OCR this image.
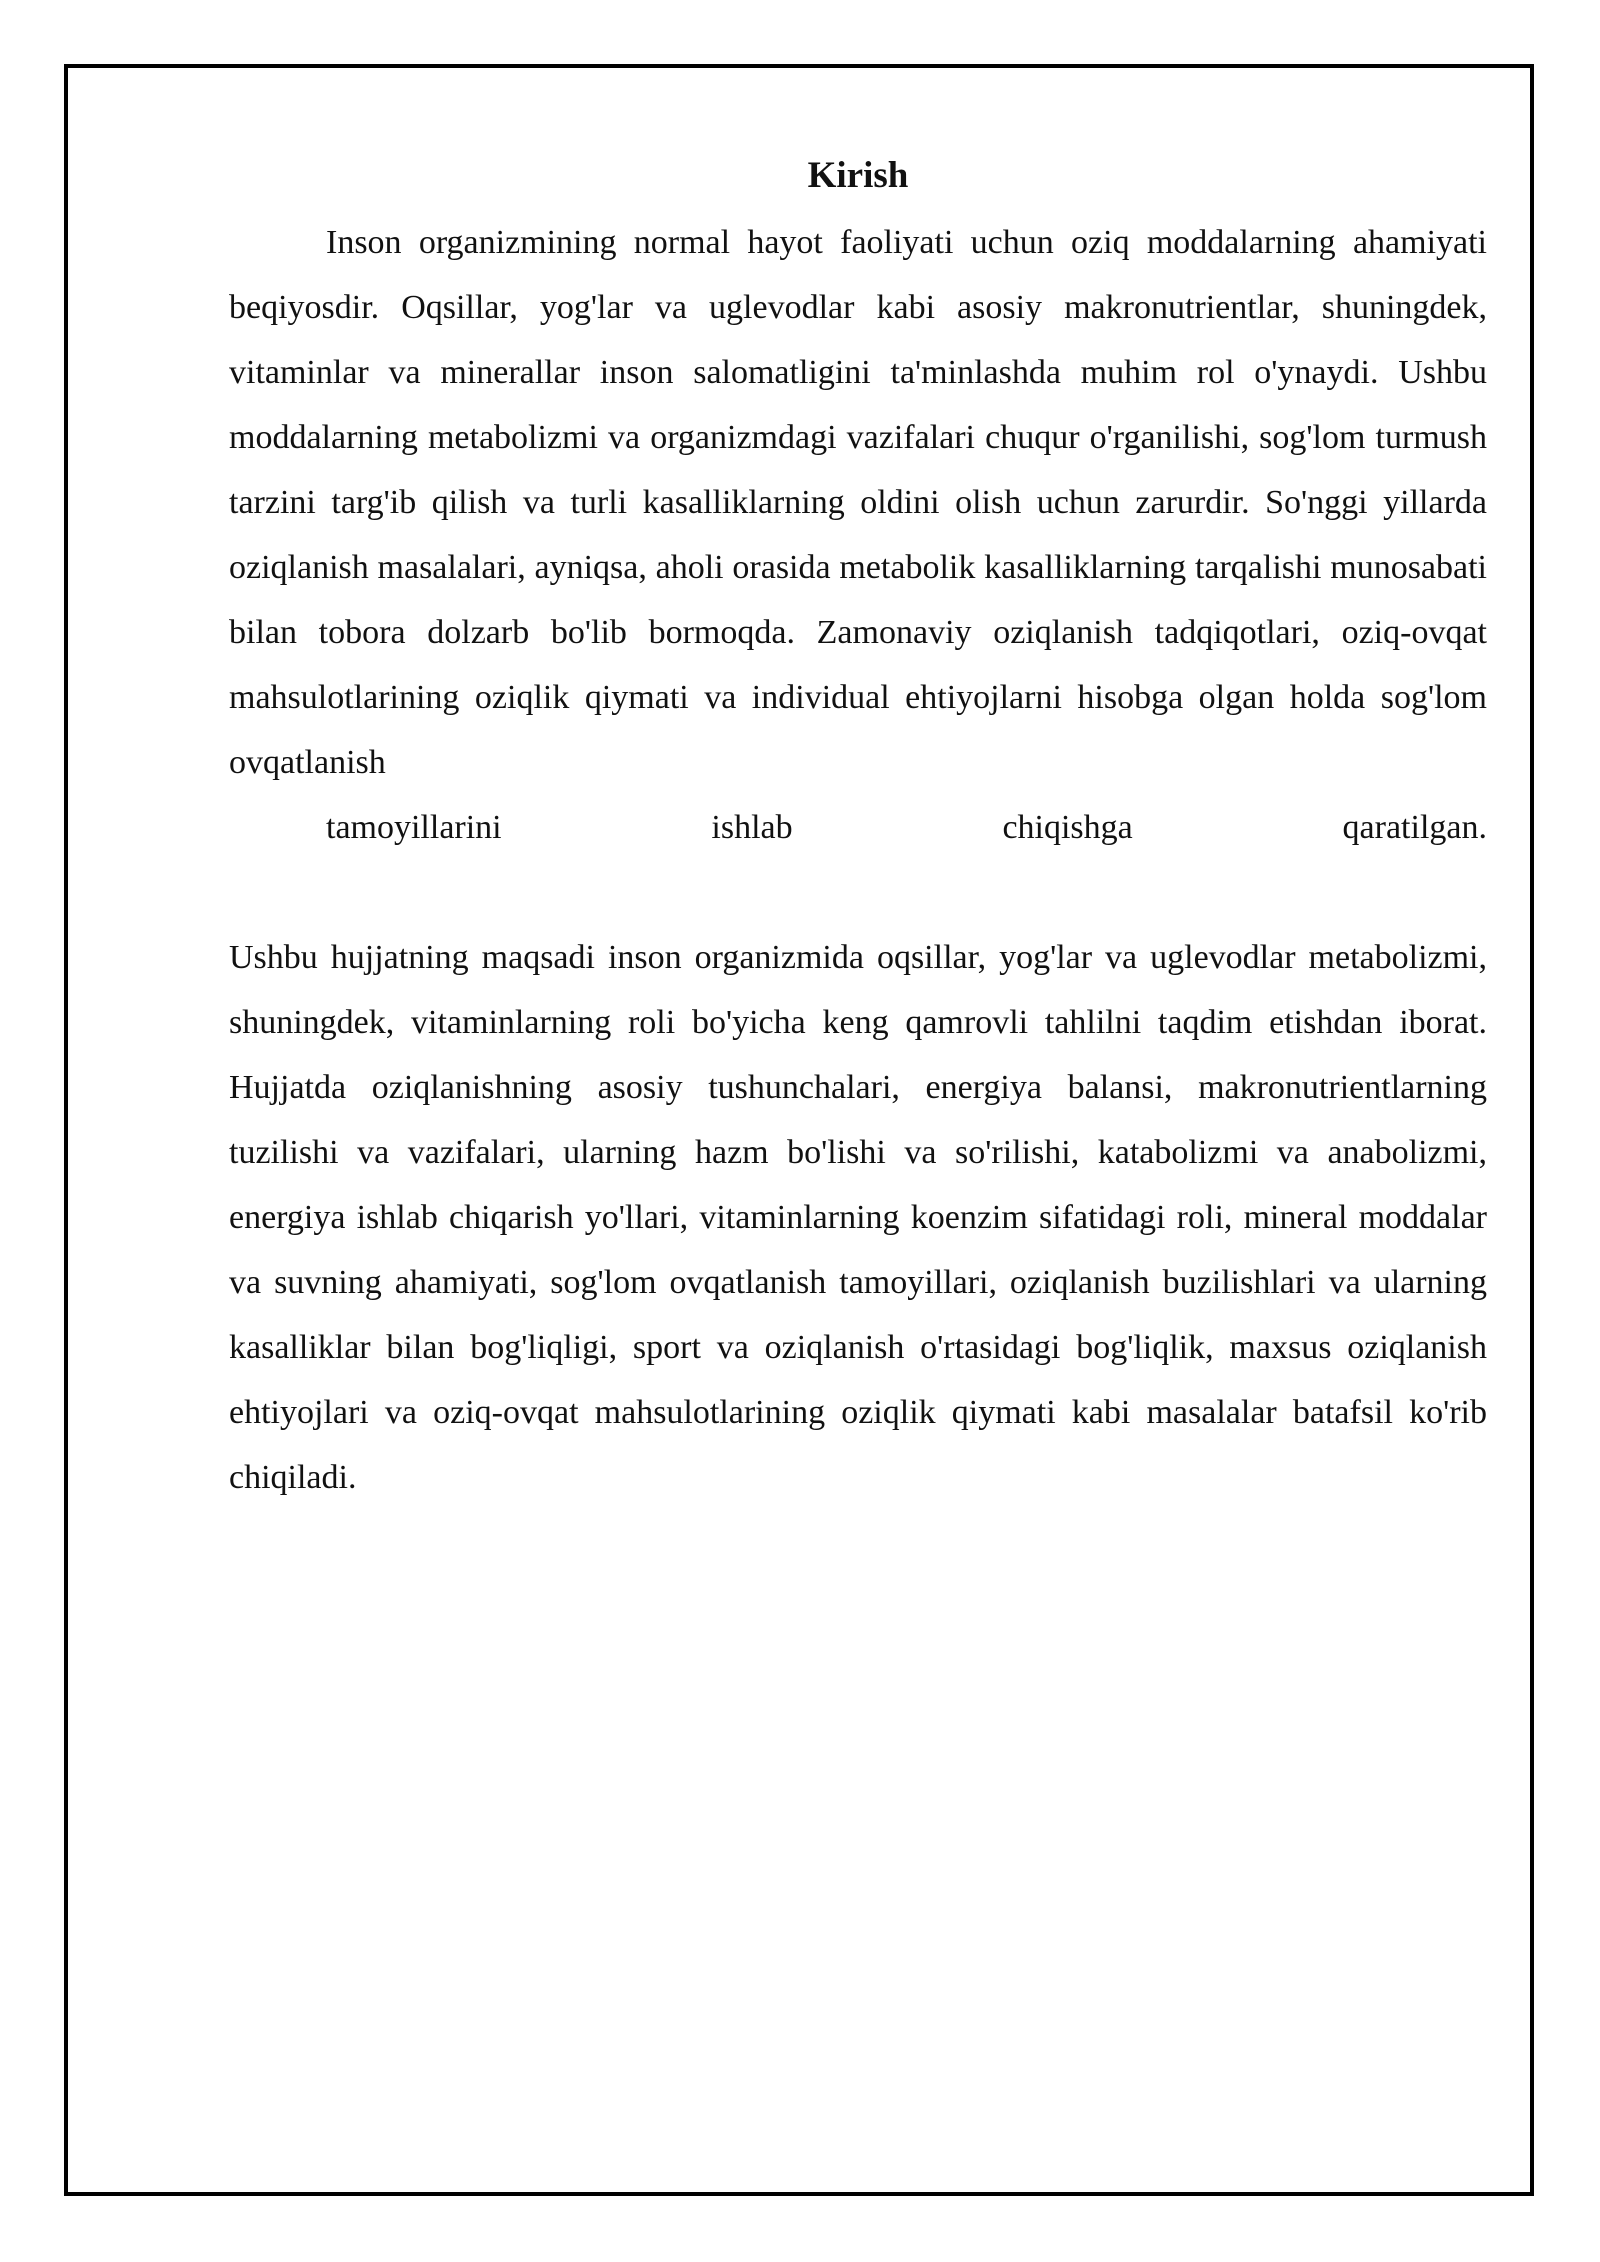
Kirish

Inson organizmining normal hayot faoliyati uchun oziq moddalarning ahamiyati beqiyosdir. Oqsillar, yog'lar va uglevodlar kabi asosiy makronutrientlar, shuningdek, vitaminlar va minerallar inson salomatligini ta'minlashda muhim rol o'ynaydi. Ushbu moddalarning metabolizmi va organizmdagi vazifalari chuqur o'rganilishi, sog'lom turmush tarzini targ'ib qilish va turli kasalliklarning oldini olish uchun zarurdir. So'nggi yillarda oziqlanish masalalari, ayniqsa, aholi orasida metabolik kasalliklarning tarqalishi munosabati bilan tobora dolzarb bo'lib bormoqda. Zamonaviy oziqlanish tadqiqotlari, oziq-ovqat mahsulotlarining oziqlik qiymati va individual ehtiyojlarni hisobga olgan holda sog'lom ovqatlanish
tamoyillarini ishlab chiqishga qaratilgan.

Ushbu hujjatning maqsadi inson organizmida oqsillar, yog'lar va uglevodlar metabolizmi, shuningdek, vitaminlarning roli bo'yicha keng qamrovli tahlilni taqdim etishdan iborat. Hujjatda oziqlanishning asosiy tushunchalari, energiya balansi, makronutrientlarning tuzilishi va vazifalari, ularning hazm bo'lishi va so'rilishi, katabolizmi va anabolizmi, energiya ishlab chiqarish yo'llari, vitaminlarning koenzim sifatidagi roli, mineral moddalar va suvning ahamiyati, sog'lom ovqatlanish tamoyillari, oziqlanish buzilishlari va ularning kasalliklar bilan bog'liqligi, sport va oziqlanish o'rtasidagi bog'liqlik, maxsus oziqlanish ehtiyojlari va oziq-ovqat mahsulotlarining oziqlik qiymati kabi masalalar batafsil ko'rib chiqiladi.
